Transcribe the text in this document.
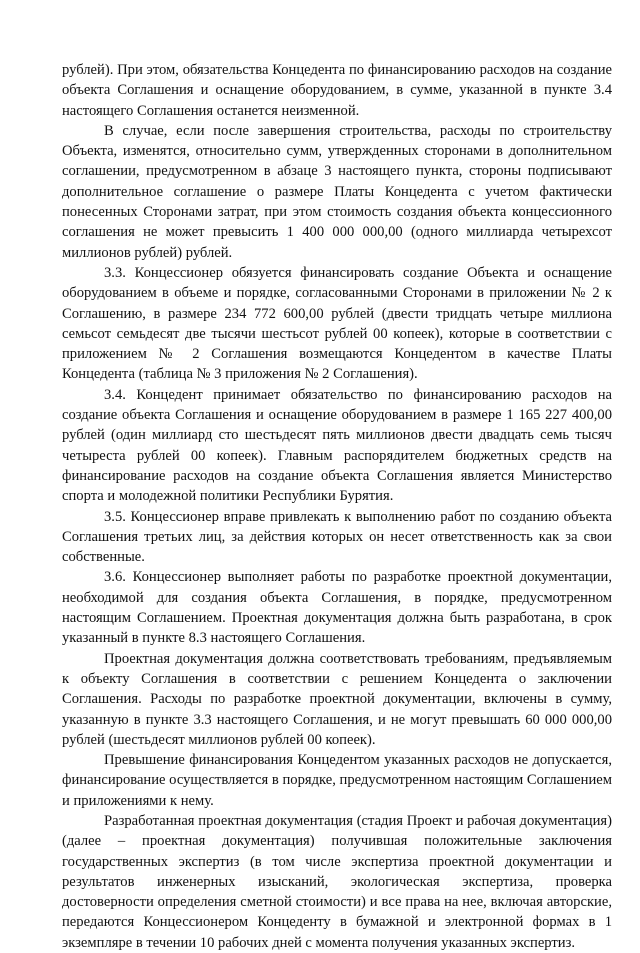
рублей). При этом, обязательства Концедента по финансированию расходов на создание объекта Соглашения и оснащение оборудованием, в сумме, указанной в пункте 3.4 настоящего Соглашения останется неизменной.

В случае, если после завершения строительства, расходы по строительству Объекта, изменятся, относительно сумм, утвержденных сторонами в дополнительном соглашении, предусмотренном в абзаце 3 настоящего пункта, стороны подписывают дополнительное соглашение о размере Платы Концедента с учетом фактически понесенных Сторонами затрат, при этом стоимость создания объекта концессионного соглашения не может превысить 1 400 000 000,00 (одного миллиарда четырехсот миллионов рублей) рублей.

3.3. Концессионер обязуется финансировать создание Объекта и оснащение оборудованием в объеме и порядке, согласованными Сторонами в приложении № 2 к Соглашению, в размере 234 772 600,00 рублей (двести тридцать четыре миллиона семьсот семьдесят две тысячи шестьсот рублей 00 копеек), которые в соответствии с приложением № 2 Соглашения возмещаются Концедентом в качестве Платы Концедента (таблица № 3 приложения № 2 Соглашения).

3.4. Концедент принимает обязательство по финансированию расходов на создание объекта Соглашения и оснащение оборудованием в размере 1 165 227 400,00 рублей (один миллиард сто шестьдесят пять миллионов двести двадцать семь тысяч четыреста рублей 00 копеек). Главным распорядителем бюджетных средств на финансирование расходов на создание объекта Соглашения является Министерство спорта и молодежной политики Республики Бурятия.

3.5. Концессионер вправе привлекать к выполнению работ по созданию объекта Соглашения третьих лиц, за действия которых он несет ответственность как за свои собственные.

3.6. Концессионер выполняет работы по разработке проектной документации, необходимой для создания объекта Соглашения, в порядке, предусмотренном настоящим Соглашением. Проектная документация должна быть разработана, в срок указанный в пункте 8.3 настоящего Соглашения.

Проектная документация должна соответствовать требованиям, предъявляемым к объекту Соглашения в соответствии с решением Концедента о заключении Соглашения. Расходы по разработке проектной документации, включены в сумму, указанную в пункте 3.3 настоящего Соглашения, и не могут превышать 60 000 000,00 рублей (шестьдесят миллионов рублей 00 копеек).

Превышение финансирования Концедентом указанных расходов не допускается, финансирование осуществляется в порядке, предусмотренном настоящим Соглашением и приложениями к нему.

Разработанная проектная документация (стадия Проект и рабочая документация) (далее – проектная документация) получившая положительные заключения государственных экспертиз (в том числе экспертиза проектной документации и результатов инженерных изысканий, экологическая экспертиза, проверка достоверности определения сметной стоимости) и все права на нее, включая авторские, передаются Концессионером Концеденту в бумажной и электронной формах в 1 экземпляре в течении 10 рабочих дней с момента получения указанных экспертиз.
